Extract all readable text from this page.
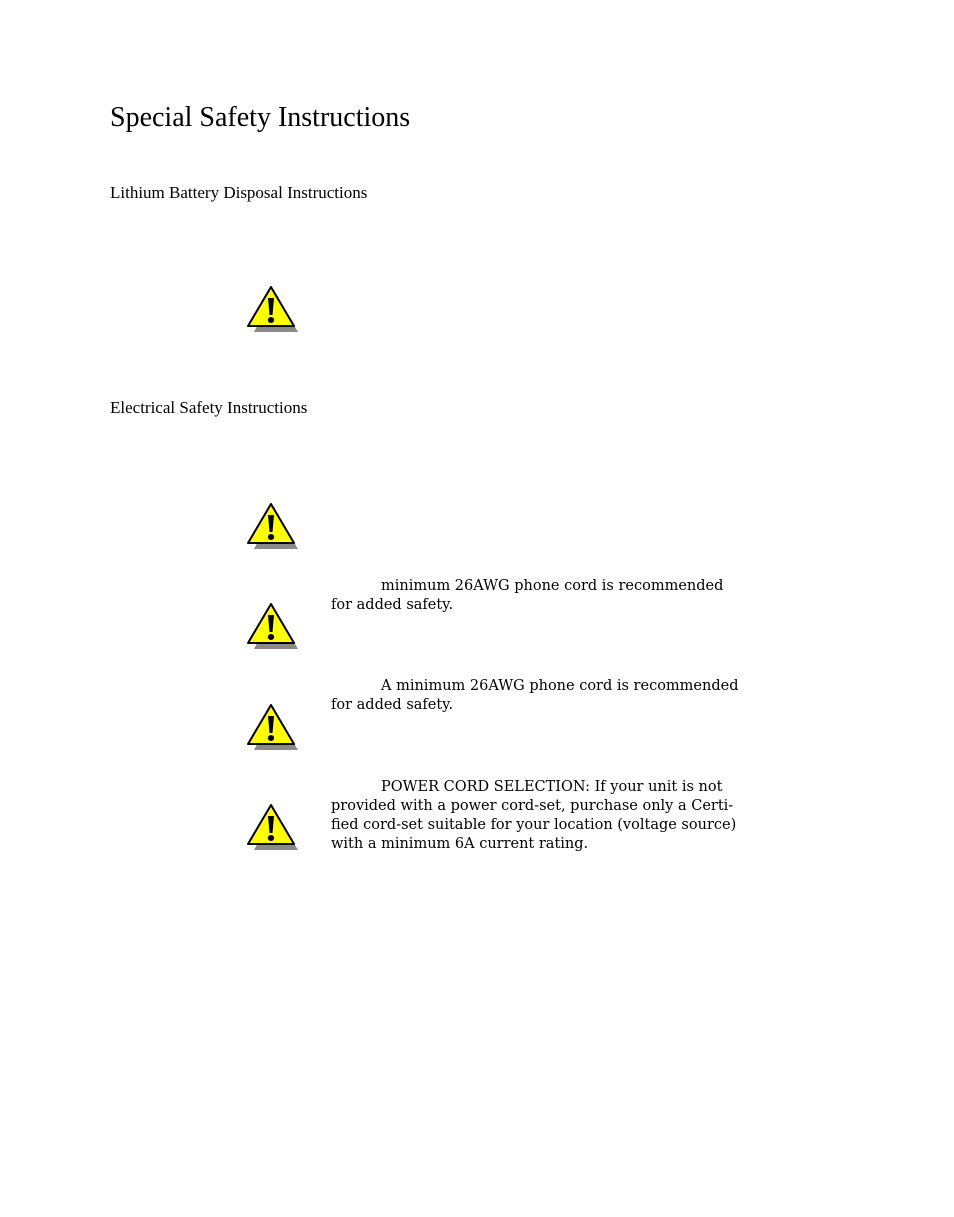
Special Safety Instructions
Lithium Battery Disposal Instructions
Electrical Safety Instructions

minimum 26AWG phone cord is recommended
for added safety.

A minimum 26AWG phone cord is recommended
for added safety.

POWER CORD SELECTION: If your unit is not
provided with a power cord-set, purchase only a Certi-
fied cord-set suitable for your location (voltage source)
with a minimum 6A current rating.
